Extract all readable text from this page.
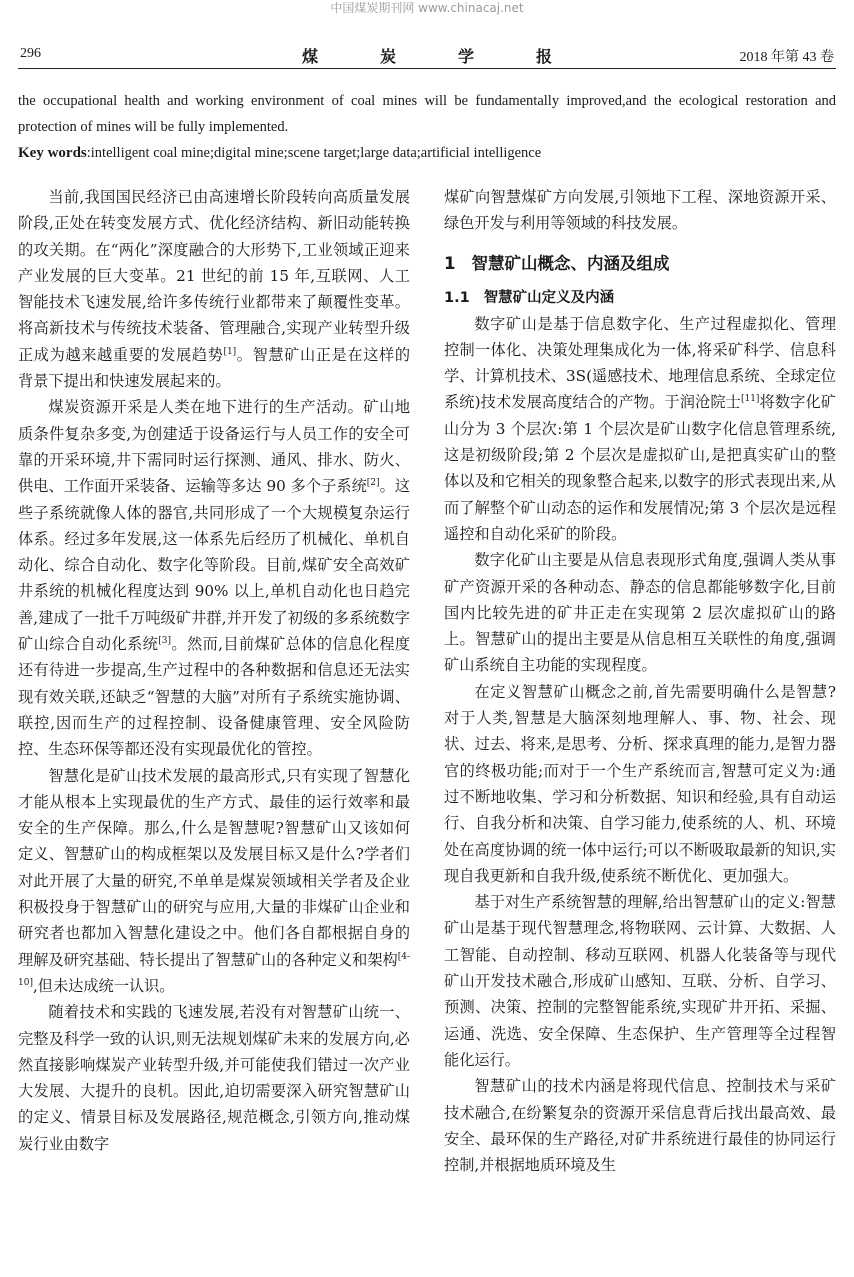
中国煤炭期刊网 www.chinacaj.net
296	煤炭学报	2018 年第 43 卷
the occupational health and working environment of coal mines will be fundamentally improved,and the ecological restoration and protection of mines will be fully implemented.
Key words:intelligent coal mine;digital mine;scene target;large data;artificial intelligence

当前,我国国民经济已由高速增长阶段转向高质量发展阶段,正处在转变发展方式、优化经济结构、新旧动能转换的攻关期。在“两化”深度融合的大形势下,工业领域正迎来产业发展的巨大变革。21 世纪的前 15 年,互联网、人工智能技术飞速发展,给许多传统行业都带来了颠覆性变革。将高新技术与传统技术装备、管理融合,实现产业转型升级正成为越来越重要的发展趋势[1]。智慧矿山正是在这样的背景下提出和快速发展起来的。

煤炭资源开采是人类在地下进行的生产活动。矿山地质条件复杂多变,为创建适于设备运行与人员工作的安全可靠的开采环境,井下需同时运行探测、通风、排水、防火、供电、工作面开采装备、运输等多达 90 多个子系统[2]。这些子系统就像人体的器官,共同形成了一个大规模复杂运行体系。经过多年发展,这一体系先后经历了机械化、单机自动化、综合自动化、数字化等阶段。目前,煤矿安全高效矿井系统的机械化程度达到 90% 以上,单机自动化也日趋完善,建成了一批千万吨级矿井群,并开发了初级的多系统数字矿山综合自动化系统[3]。然而,目前煤矿总体的信息化程度还有待进一步提高,生产过程中的各种数据和信息还无法实现有效关联,还缺乏“智慧的大脑”对所有子系统实施协调、联控,因而生产的过程控制、设备健康管理、安全风险防控、生态环保等都还没有实现最优化的管控。

智慧化是矿山技术发展的最高形式,只有实现了智慧化才能从根本上实现最优的生产方式、最佳的运行效率和最安全的生产保障。那么,什么是智慧呢?智慧矿山又该如何定义、智慧矿山的构成框架以及发展目标又是什么?学者们对此开展了大量的研究,不单单是煤炭领域相关学者及企业积极投身于智慧矿山的研究与应用,大量的非煤矿山企业和研究者也都加入智慧化建设之中。他们各自都根据自身的理解及研究基础、特长提出了智慧矿山的各种定义和架构[4-10],但未达成统一认识。

随着技术和实践的飞速发展,若没有对智慧矿山统一、完整及科学一致的认识,则无法规划煤矿未来的发展方向,必然直接影响煤炭产业转型升级,并可能使我们错过一次产业大发展、大提升的良机。因此,迫切需要深入研究智慧矿山的定义、情景目标及发展路径,规范概念,引领方向,推动煤炭行业由数字

煤矿向智慧煤矿方向发展,引领地下工程、深地资源开采、绿色开发与利用等领域的科技发展。

1 智慧矿山概念、内涵及组成
1.1 智慧矿山定义及内涵

数字矿山是基于信息数字化、生产过程虚拟化、管理控制一体化、决策处理集成化为一体,将采矿科学、信息科学、计算机技术、3S(遥感技术、地理信息系统、全球定位系统)技术发展高度结合的产物。于润沧院士[11]将数字化矿山分为 3 个层次:第 1 个层次是矿山数字化信息管理系统,这是初级阶段;第 2 个层次是虚拟矿山,是把真实矿山的整体以及和它相关的现象整合起来,以数字的形式表现出来,从而了解整个矿山动态的运作和发展情况;第 3 个层次是远程遥控和自动化采矿的阶段。

数字化矿山主要是从信息表现形式角度,强调人类从事矿产资源开采的各种动态、静态的信息都能够数字化,目前国内比较先进的矿井正走在实现第 2 层次虚拟矿山的路上。智慧矿山的提出主要是从信息相互关联性的角度,强调矿山系统自主功能的实现程度。

在定义智慧矿山概念之前,首先需要明确什么是智慧?对于人类,智慧是大脑深刻地理解人、事、物、社会、现状、过去、将来,是思考、分析、探求真理的能力,是智力器官的终极功能;而对于一个生产系统而言,智慧可定义为:通过不断地收集、学习和分析数据、知识和经验,具有自动运行、自我分析和决策、自学习能力,使系统的人、机、环境处在高度协调的统一体中运行;可以不断吸取最新的知识,实现自我更新和自我升级,使系统不断优化、更加强大。

基于对生产系统智慧的理解,给出智慧矿山的定义:智慧矿山是基于现代智慧理念,将物联网、云计算、大数据、人工智能、自动控制、移动互联网、机器人化装备等与现代矿山开发技术融合,形成矿山感知、互联、分析、自学习、预测、决策、控制的完整智能系统,实现矿井开拓、采掘、运通、洗选、安全保障、生态保护、生产管理等全过程智能化运行。

智慧矿山的技术内涵是将现代信息、控制技术与采矿技术融合,在纷繁复杂的资源开采信息背后找出最高效、最安全、最环保的生产路径,对矿井系统进行最佳的协同运行控制,并根据地质环境及生
